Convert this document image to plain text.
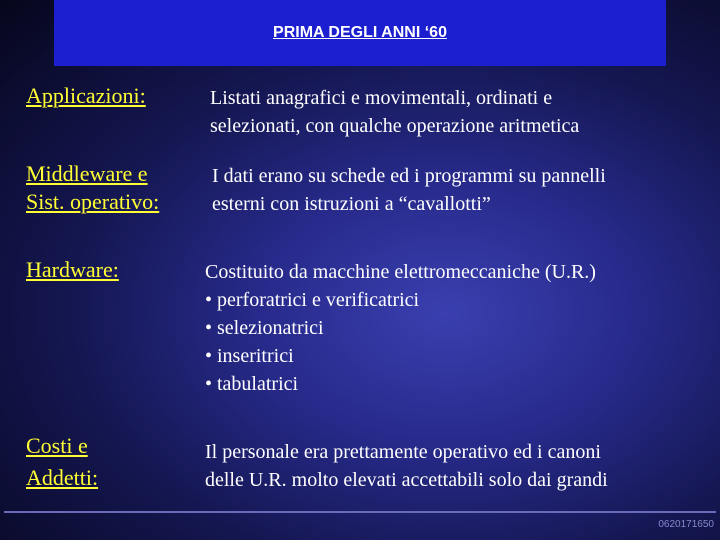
PRIMA DEGLI ANNI ‘60
Applicazioni:	Listati anagrafici e movimentali, ordinati e
selezionati, con qualche operazione aritmetica
Middleware e
Sist. operativo:
I dati erano su schede ed i programmi su pannelli
esterni con istruzioni a “cavallotti”
Hardware:	Costituito da macchine elettromeccaniche (U.R.)
• perforatrici e verificatrici
• selezionatrici
• inseritrici
• tabulatrici
Costi e
Addetti:
Il personale era prettamente operativo ed i canoni
delle U.R. molto elevati accettabili solo dai grandi
0620171650
